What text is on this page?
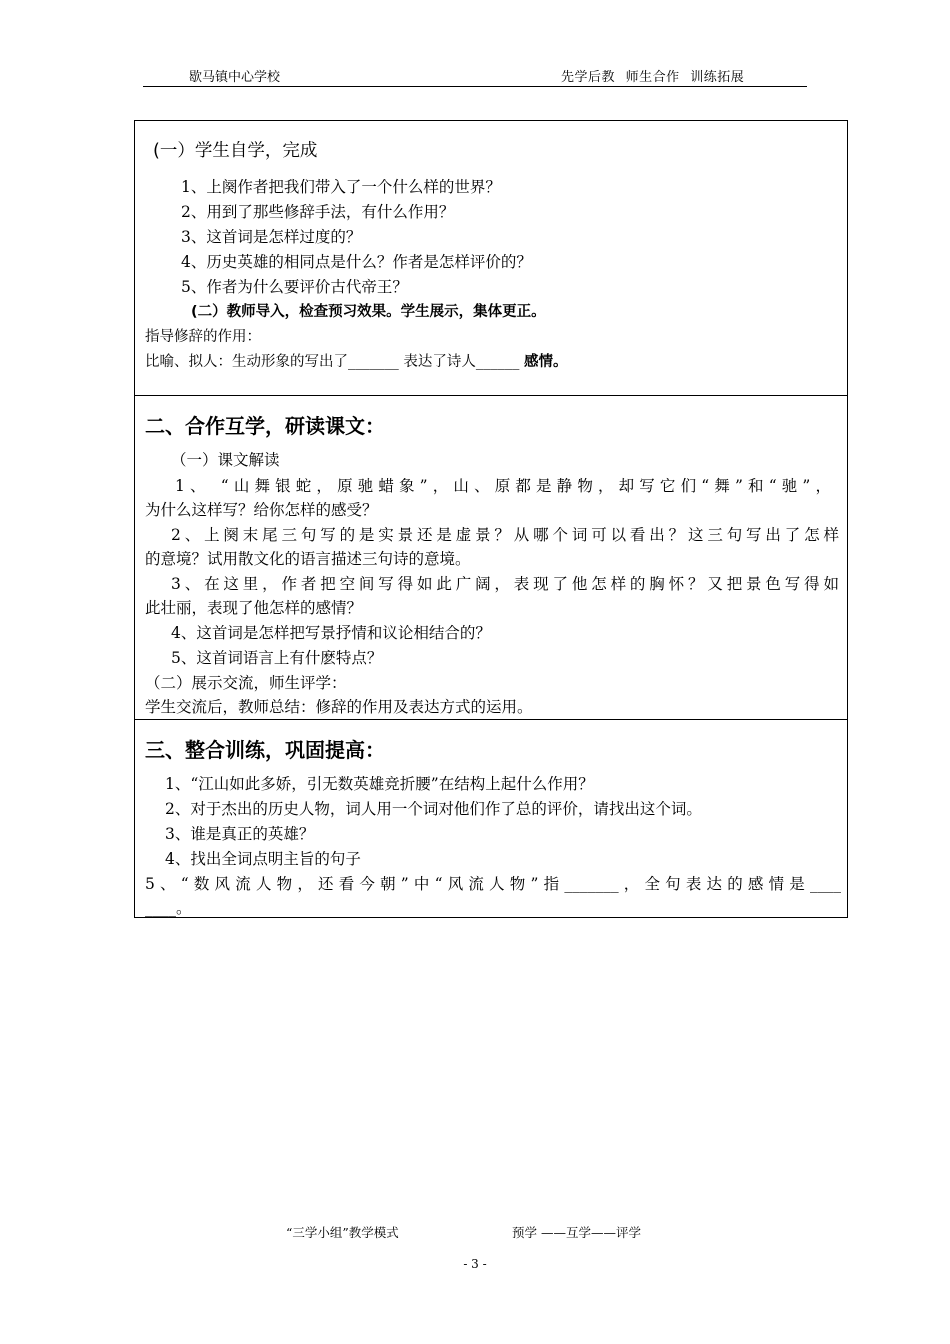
歇马镇中心学校	先学后教 师生合作 训练拓展
(一）学生自学，完成
1、上阕作者把我们带入了一个什么样的世界？
2、用到了那些修辞手法，有什么作用？
3、这首词是怎样过度的？
4、历史英雄的相同点是什么？作者是怎样评价的？
5、作者为什么要评价古代帝王？
(二）教师导入，检查预习效果。学生展示，集体更正。
指导修辞的作用：
比喻、拟人：生动形象的写出了_______ 表达了诗人______ 感情。
二、合作互学，研读课文：
（一）课文解读
1、 “山舞银蛇，原驰蜡象”，山、原都是静物，却写它们“舞”和“驰”，
为什么这样写？给你怎样的感受？
2、上阕末尾三句写的是实景还是虚景？从哪个词可以看出？这三句写出了怎样
的意境？试用散文化的语言描述三句诗的意境。
3、在这里，作者把空间写得如此广阔，表现了他怎样的胸怀？又把景色写得如
此壮丽，表现了他怎样的感情？
4、这首词是怎样把写景抒情和议论相结合的？
5、这首词语言上有什麽特点？
（二）展示交流，师生评学：
学生交流后，教师总结：修辞的作用及表达方式的运用。
三、整合训练，巩固提高：
1、“江山如此多娇，引无数英雄竞折腰”在结构上起什么作用？
2、对于杰出的历史人物，词人用一个词对他们作了总的评价，请找出这个词。
3、谁是真正的英雄？
4、找出全词点明主旨的句子
5、“数风流人物，还看今朝”中“风流人物”指_______，全句表达的感情是____
____。
“三学小组”教学模式	预学 ——互学——评学
- 3 -
